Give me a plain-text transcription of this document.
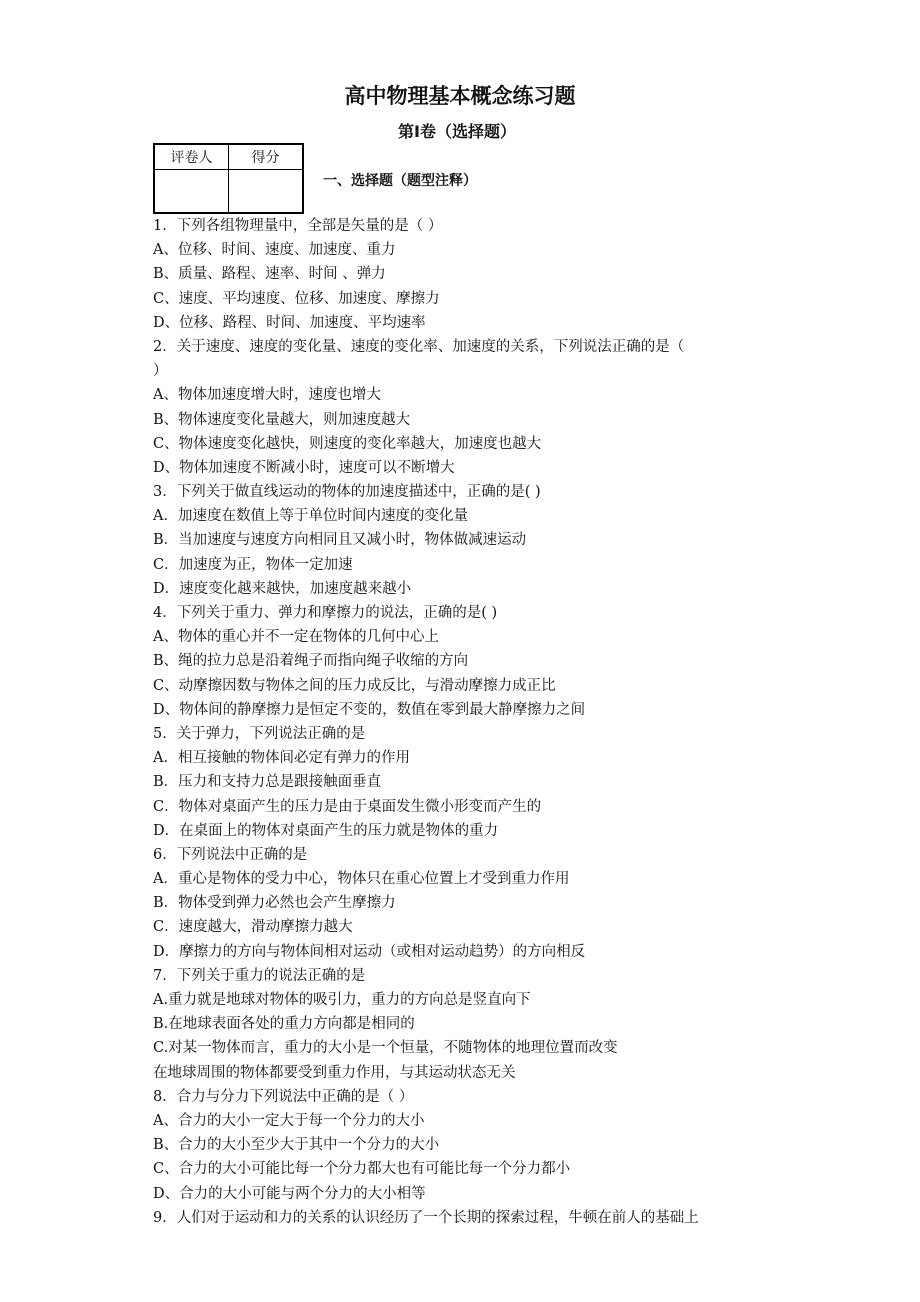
高中物理基本概念练习题
第Ⅰ卷（选择题）
评卷人	得分

一、选择题（题型注释）
1．下列各组物理量中，全部是矢量的是（ ）
A、位移、时间、速度、加速度、重力
B、质量、路程、速率、时间 、弹力
C、速度、平均速度、位移、加速度、摩擦力
D、位移、路程、时间、加速度、平均速率
2．关于速度、速度的变化量、速度的变化率、加速度的关系，下列说法正确的是（
）
A、物体加速度增大时，速度也增大
B、物体速度变化量越大，则加速度越大
C、物体速度变化越快，则速度的变化率越大，加速度也越大
D、物体加速度不断减小时，速度可以不断增大
3．下列关于做直线运动的物体的加速度描述中，正确的是( )
A．加速度在数值上等于单位时间内速度的变化量
B．当加速度与速度方向相同且又减小时，物体做减速运动
C．加速度为正，物体一定加速
D．速度变化越来越快，加速度越来越小
4．下列关于重力、弹力和摩擦力的说法，正确的是( )
A、物体的重心并不一定在物体的几何中心上
B、绳的拉力总是沿着绳子而指向绳子收缩的方向
C、动摩擦因数与物体之间的压力成反比，与滑动摩擦力成正比
D、物体间的静摩擦力是恒定不变的，数值在零到最大静摩擦力之间
5．关于弹力，下列说法正确的是
A．相互接触的物体间必定有弹力的作用
B．压力和支持力总是跟接触面垂直
C．物体对桌面产生的压力是由于桌面发生微小形变而产生的
D．在桌面上的物体对桌面产生的压力就是物体的重力
6．下列说法中正确的是
A．重心是物体的受力中心，物体只在重心位置上才受到重力作用
B．物体受到弹力必然也会产生摩擦力
C．速度越大，滑动摩擦力越大
D．摩擦力的方向与物体间相对运动（或相对运动趋势）的方向相反
7．下列关于重力的说法正确的是
A.重力就是地球对物体的吸引力，重力的方向总是竖直向下
B.在地球表面各处的重力方向都是相同的
C.对某一物体而言，重力的大小是一个恒量，不随物体的地理位置而改变
在地球周围的物体都要受到重力作用，与其运动状态无关
8．合力与分力下列说法中正确的是（ ）
A、合力的大小一定大于每一个分力的大小
B、合力的大小至少大于其中一个分力的大小
C、合力的大小可能比每一个分力都大也有可能比每一个分力都小
D、合力的大小可能与两个分力的大小相等
9．人们对于运动和力的关系的认识经历了一个长期的探索过程，牛顿在前人的基础上
